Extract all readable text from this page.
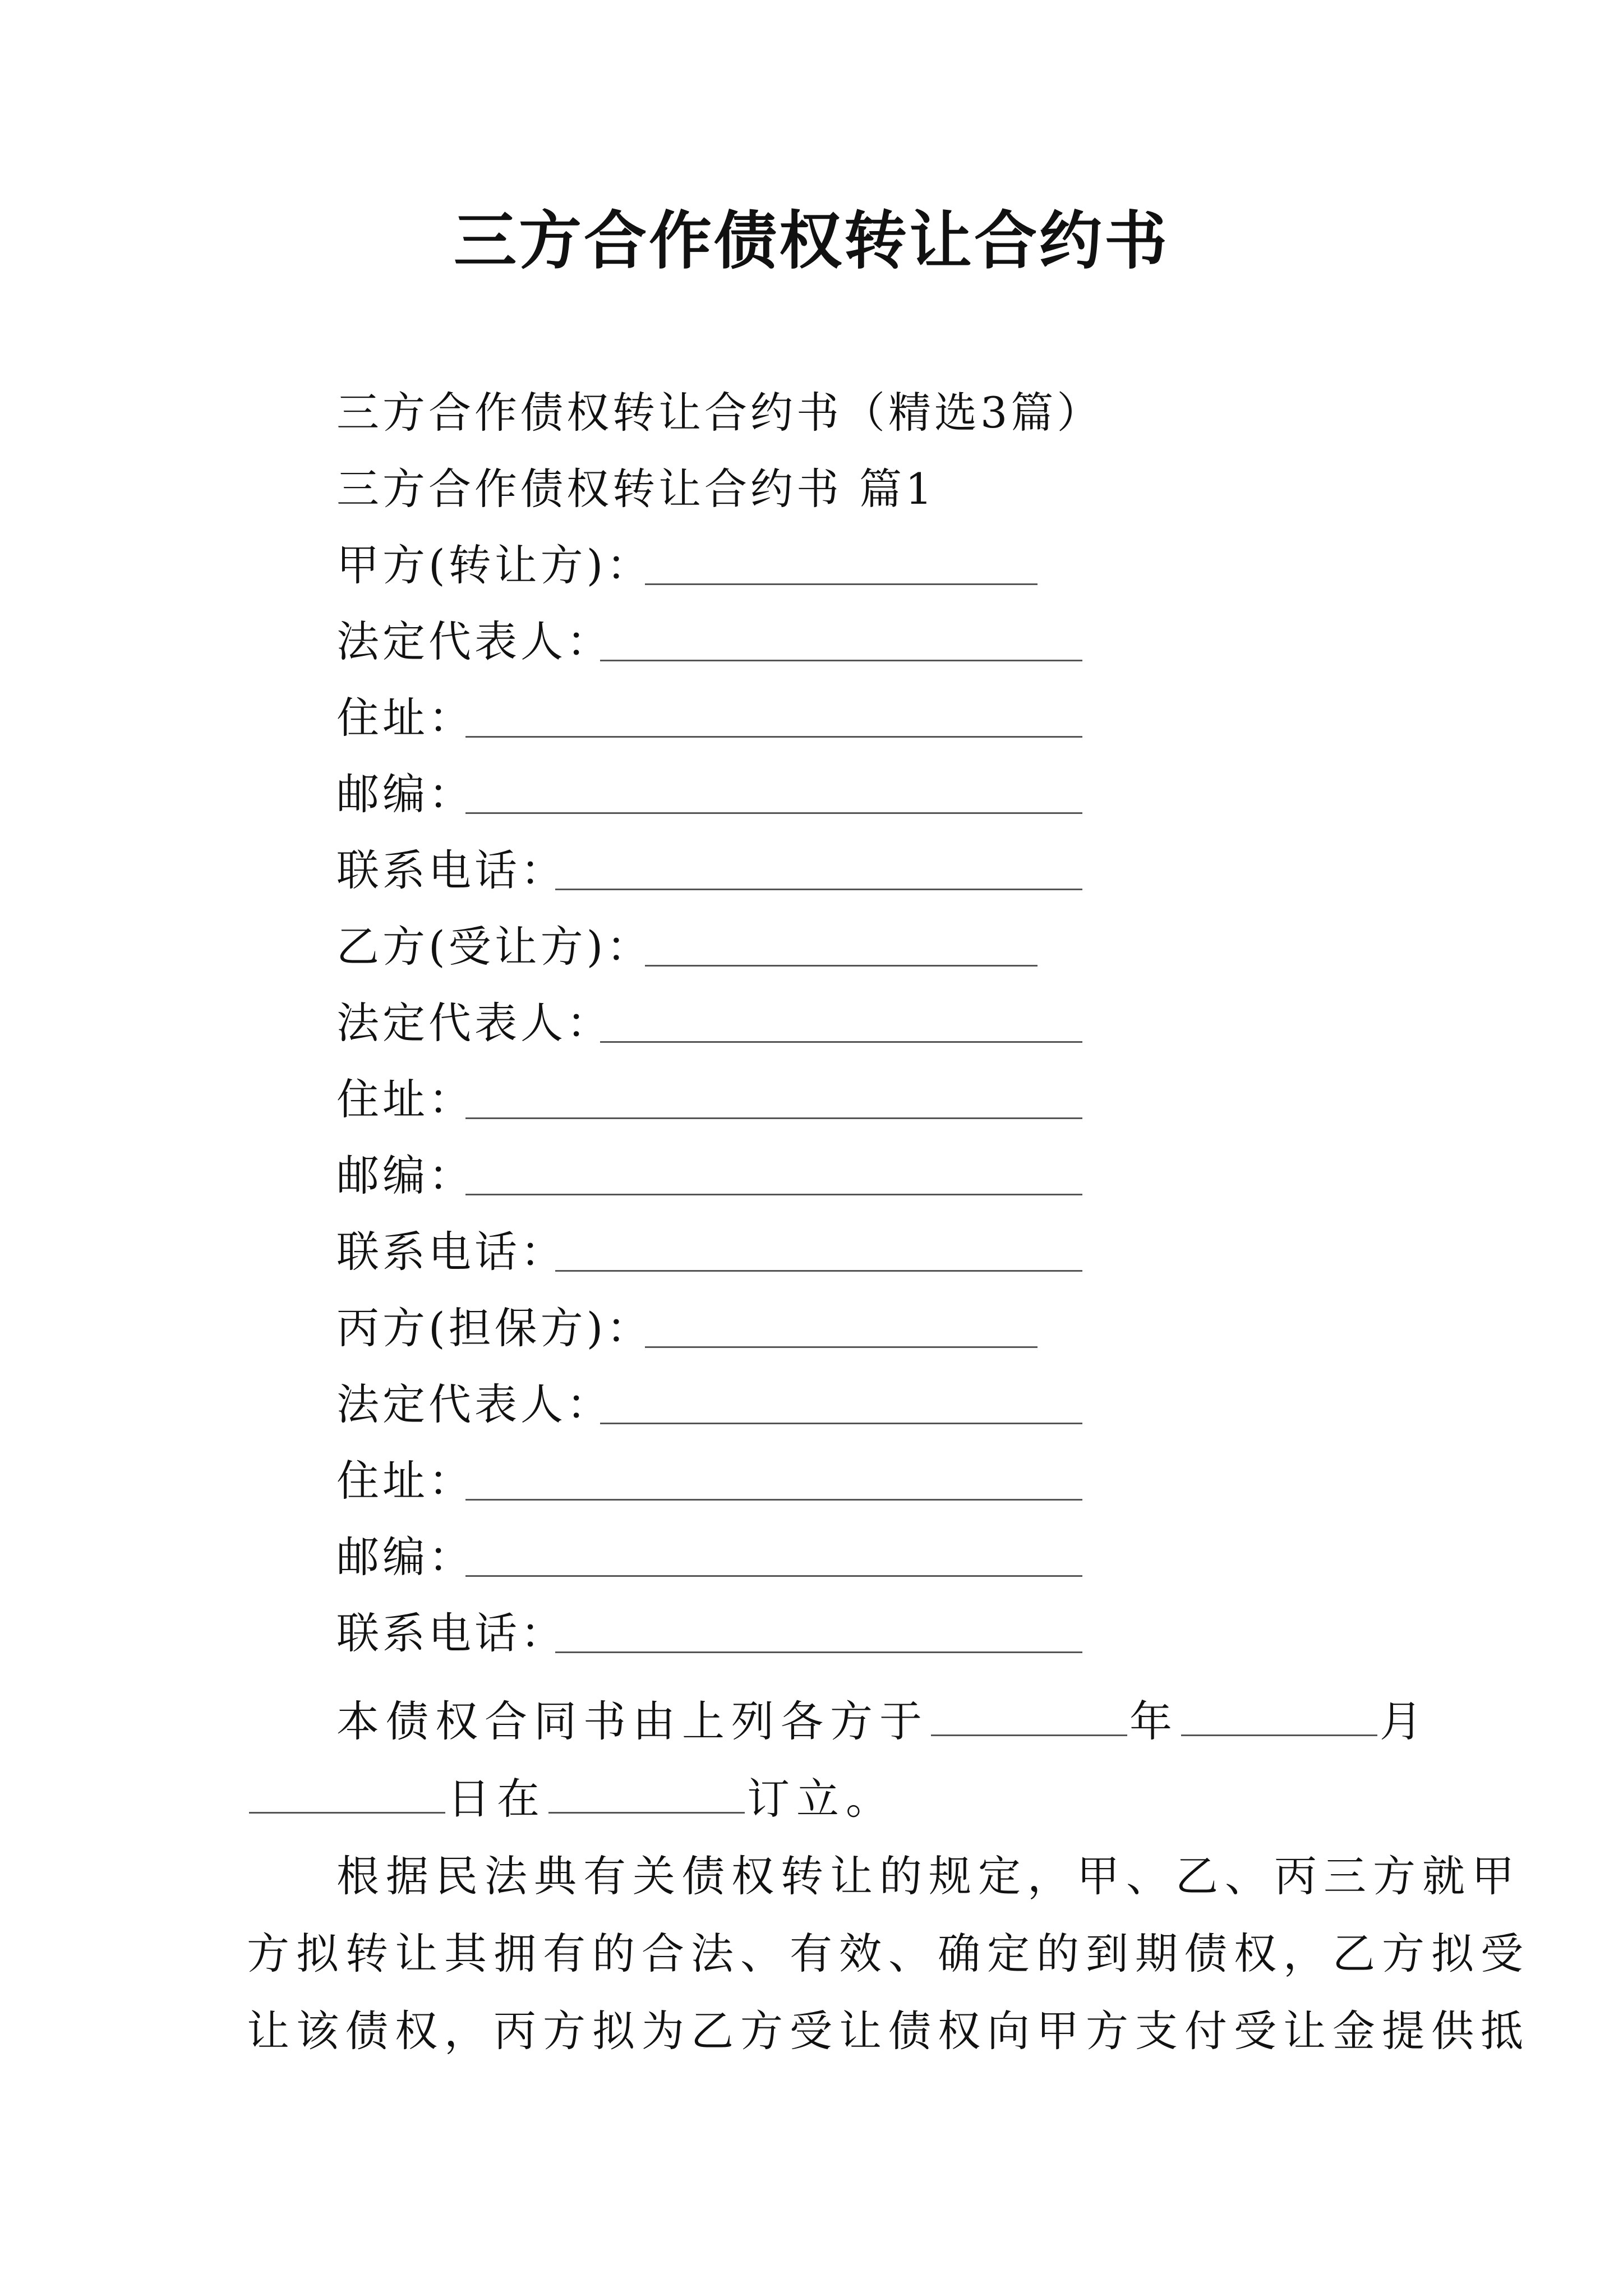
三方合作债权转让合约书
三方合作债权转让合约书（精选3篇）
三方合作债权转让合约书 篇1
甲方(转让方)：
法定代表人：
住址：
邮编：
联系电话：
乙方(受让方)：
法定代表人：
住址：
邮编：
联系电话：
丙方(担保方)：
法定代表人：
住址：
邮编：
联系电话：
本债权合同书由上列各方于	年	月
日在	订立。
根据民法典有关债权转让的规定，甲、乙、丙三方就甲
方拟转让其拥有的合法、有效、确定的到期债权，乙方拟受
让该债权，丙方拟为乙方受让债权向甲方支付受让金提供抵
